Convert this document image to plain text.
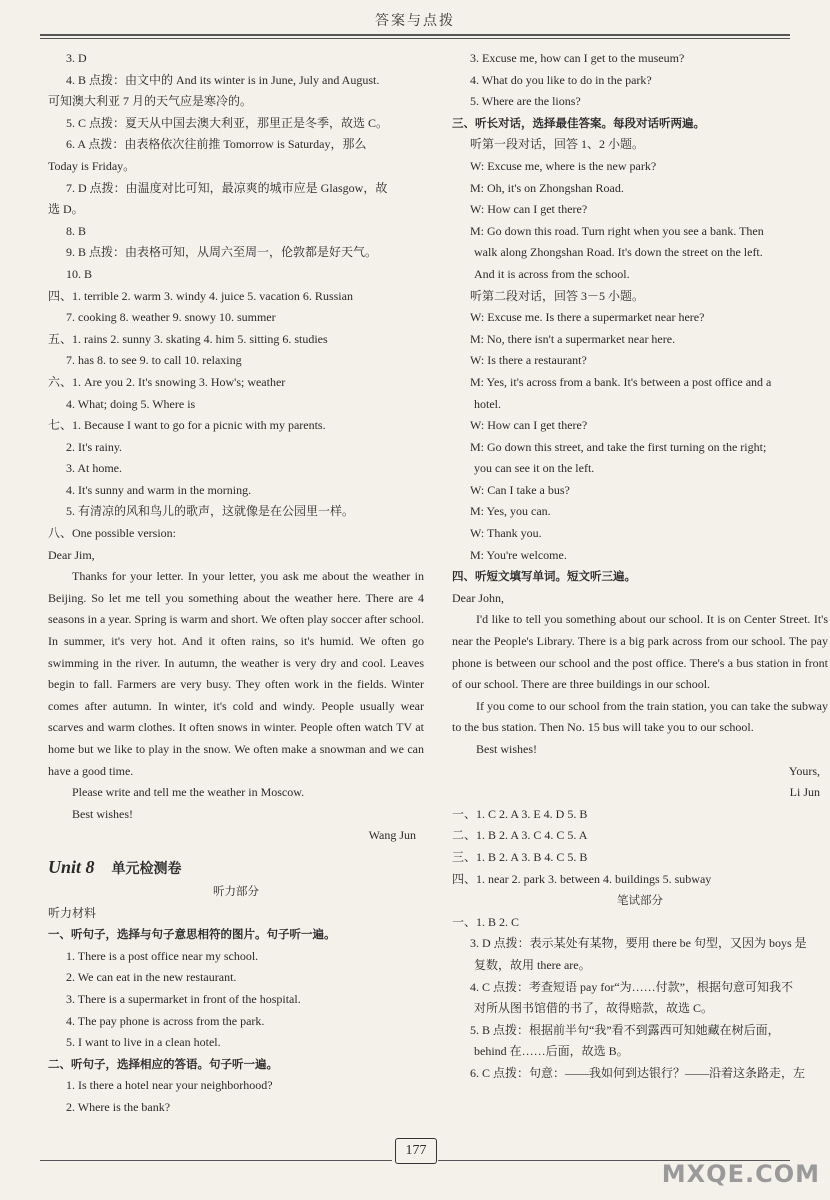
答案与点拨
3. D
4. B 点拨：由文中的 And its winter is in June, July and August.
可知澳大利亚 7 月的天气应是寒冷的。
5. C 点拨：夏天从中国去澳大利亚，那里正是冬季，故选 C。
6. A 点拨：由表格依次往前推 Tomorrow is Saturday，那么
Today is Friday。
7. D 点拨：由温度对比可知，最凉爽的城市应是 Glasgow，故
选 D。
8. B
9. B 点拨：由表格可知，从周六至周一，伦敦都是好天气。
10. B
四、1. terrible 2. warm 3. windy 4. juice 5. vacation 6. Russian
7. cooking 8. weather 9. snowy 10. summer
五、1. rains 2. sunny 3. skating 4. him 5. sitting 6. studies
7. has 8. to see 9. to call 10. relaxing
六、1. Are you 2. It's snowing 3. How's; weather
4. What; doing 5. Where is
七、1. Because I want to go for a picnic with my parents.
2. It's rainy.
3. At home.
4. It's sunny and warm in the morning.
5. 有清凉的风和鸟儿的歌声，这就像是在公园里一样。
八、One possible version:
Dear Jim,
Thanks for your letter. In your letter, you ask me about the weather in Beijing. So let me tell you something about the weather here. There are 4 seasons in a year. Spring is warm and short. We often play soccer after school. In summer, it's very hot. And it often rains, so it's humid. We often go swimming in the river. In autumn, the weather is very dry and cool. Leaves begin to fall. Farmers are very busy. They often work in the fields. Winter comes after autumn. In winter, it's cold and windy. People usually wear scarves and warm clothes. It often snows in winter. People often watch TV at home but we like to play in the snow. We often make a snowman and we can have a good time.
Please write and tell me the weather in Moscow.
Best wishes!
Wang Jun
Unit 8 单元检测卷
听力部分
听力材料
一、听句子，选择与句子意思相符的图片。句子听一遍。
1. There is a post office near my school.
2. We can eat in the new restaurant.
3. There is a supermarket in front of the hospital.
4. The pay phone is across from the park.
5. I want to live in a clean hotel.
二、听句子，选择相应的答语。句子听一遍。
1. Is there a hotel near your neighborhood?
2. Where is the bank?
3. Excuse me, how can I get to the museum?
4. What do you like to do in the park?
5. Where are the lions?
三、听长对话，选择最佳答案。每段对话听两遍。
听第一段对话，回答 1、2 小题。
W: Excuse me, where is the new park?
M: Oh, it's on Zhongshan Road.
W: How can I get there?
M: Go down this road. Turn right when you see a bank. Then
walk along Zhongshan Road. It's down the street on the left.
And it is across from the school.
听第二段对话，回答 3－5 小题。
W: Excuse me. Is there a supermarket near here?
M: No, there isn't a supermarket near here.
W: Is there a restaurant?
M: Yes, it's across from a bank. It's between a post office and a
hotel.
W: How can I get there?
M: Go down this street, and take the first turning on the right;
you can see it on the left.
W: Can I take a bus?
M: Yes, you can.
W: Thank you.
M: You're welcome.
四、听短文填写单词。短文听三遍。
Dear John,
I'd like to tell you something about our school. It is on Center Street. It's near the People's Library. There is a big park across from our school. The pay phone is between our school and the post office. There's a bus station in front of our school. There are three buildings in our school.
If you come to our school from the train station, you can take the subway to the bus station. Then No. 15 bus will take you to our school.
Best wishes!
Yours,
Li Jun
一、1. C 2. A 3. E 4. D 5. B
二、1. B 2. A 3. C 4. C 5. A
三、1. B 2. A 3. B 4. C 5. B
四、1. near 2. park 3. between 4. buildings 5. subway
笔试部分
一、1. B 2. C
3. D 点拨：表示某处有某物，要用 there be 句型，又因为 boys 是
复数，故用 there are。
4. C 点拨：考查短语 pay for“为……付款”，根据句意可知我不
对所从图书馆借的书了，故得赔款，故选 C。
5. B 点拨：根据前半句“我”看不到露西可知她藏在树后面，
behind 在……后面，故选 B。
6. C 点拨：句意：——我如何到达银行？——沿着这条路走，左
177
MXQE.COM
